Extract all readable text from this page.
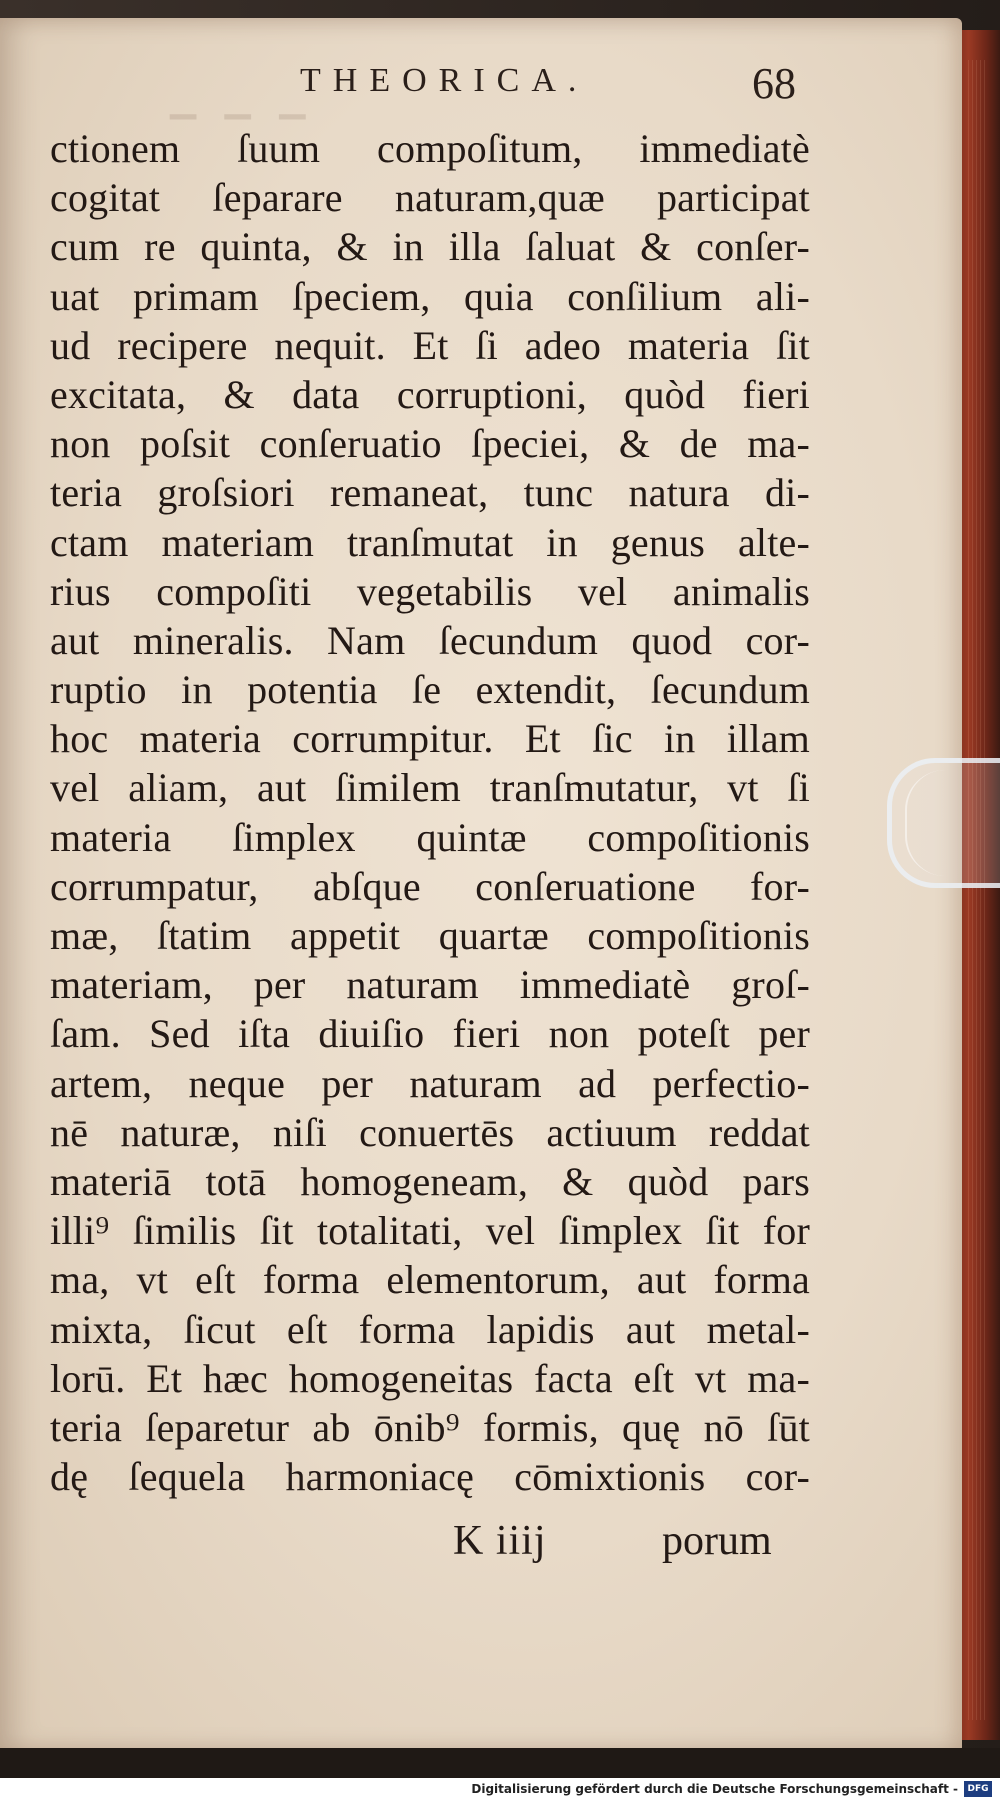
▁ ▁ ▁
THEORICA.	68
ctionem ſuum compoſitum, immediatè
cogitat ſeparare naturam,quæ participat
cum re quinta, & in illa ſaluat & conſer-
uat primam ſpeciem, quia conſilium ali-
ud recipere nequit. Et ſi adeo materia ſit
excitata, & data corruptioni, quòd fieri
non poſsit conſeruatio ſpeciei, & de ma-
teria groſsiori remaneat, tunc natura di-
ctam materiam tranſmutat in genus alte-
rius compoſiti vegetabilis vel animalis
aut mineralis. Nam ſecundum quod cor-
ruptio in potentia ſe extendit, ſecundum
hoc materia corrumpitur. Et ſic in illam
vel aliam, aut ſimilem tranſmutatur, vt ſi
materia ſimplex quintæ compoſitionis
corrumpatur, abſque conſeruatione for-
mæ, ſtatim appetit quartæ compoſitionis
materiam, per naturam immediatè groſ-
ſam. Sed iſta diuiſio fieri non poteſt per
artem, neque per naturam ad perfectio-
nē naturæ, niſi conuertēs actiuum reddat
materiā totā homogeneam, & quòd pars
illi⁹ ſimilis ſit totalitati, vel ſimplex ſit for
ma, vt eſt forma elementorum, aut forma
mixta, ſicut eſt forma lapidis aut metal-
lorū. Et hæc homogeneitas facta eſt vt ma-
teria ſeparetur ab ōnib⁹ formis, quę nō ſūt
dę ſequela harmoniacę cōmixtionis cor-
K iiij	porum
Digitalisierung gefördert durch die Deutsche Forschungsgemeinschaft -	DFG
